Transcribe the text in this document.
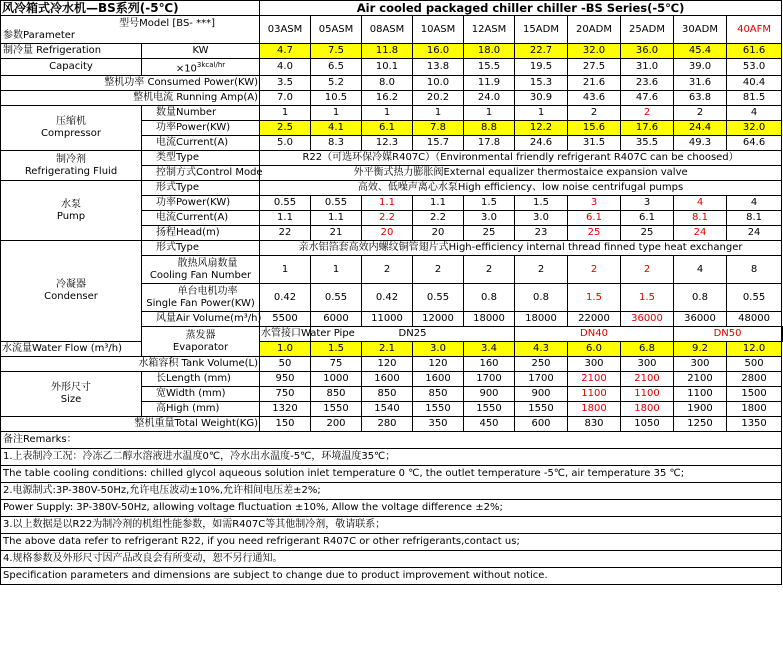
风冷箱式冷水机—BS系列(-5℃)		Air cooled packaged chiller chiller -BS Series(-5℃)										

型号Model [BS- ***]
参数Parameter		03ASM	05ASM	08ASM	10ASM	12ASM	15ADM	20ADM	25ADM	30ADM	40AFM	
制冷量 Refrigeration	KW	4.7	7.5	11.8	16.0	18.0	22.7	32.0	36.0	45.4	61.6	
Capacity	$\times 10^{3kcal/hr}$	4.0	6.5	10.1	13.8	15.5	19.5	27.5	31.0	39.0	53.0	
整机功率 Consumed Power(KW)		3.5	5.2	8.0	10.0	11.9	15.3	21.6	23.6	31.6	40.4	
整机电流 Running Amp(A)		7.0	10.5	16.2	20.2	24.0	30.9	43.6	47.6	63.8	81.5	

压缩机
Compressor	数量Number	1	1	1	1	1	1	2	2	2	4	
	功率Power(KW)	2.5	4.1	6.1	7.8	8.8	12.2	15.6	17.6	24.4	32.0	
	电流Current(A)	5.0	8.3	12.3	15.7	17.8	24.6	31.5	35.5	49.3	64.6	

制冷剂
Refrigerating Fluid	类型Type	R22（可选环保冷媒R407C）（Environmental friendly refrigerant R407C can be choosed）										
	控制方式Control Mode	外平衡式热力膨胀阀External equalizer thermostaice expansion valve										

水泵
Pump	形式Type	高效、低噪声离心水泵High efficiency、low noise centrifugal pumps										
	功率Power(KW)	0.55	0.55	1.1	1.1	1.5	1.5	3	3	4	4	
	电流Current(A)	1.1	1.1	2.2	2.2	3.0	3.0	6.1	6.1	8.1	8.1	
	扬程Head(m)	22	21	20	20	25	23	25	25	24	24	

冷凝器
Condenser	形式Type	亲水铝箔套高效内螺纹铜管翅片式High-efficiency internal thread finned type heat exchanger										

	散热风扇数量
Cooling Fan Number	1	1	2	2	2	2	2	2	4	8	

	单台电机功率
Single Fan Power(KW)	0.42	0.55	0.42	0.55	0.8	0.8	1.5	1.5	0.8	0.55	
	风量Air Volume(m³/h)	5500	6000	11000	12000	18000	18000	22000	36000	36000	48000	

	蒸发器
Evaporator	水管接口Water Pipe	DN25				DN40			DN50	
水流量Water Flow (m³/h)		1.0	1.5	2.1	3.0	3.4	4.3	6.0	6.8	9.2	12.0	
水箱容积 Tank Volume(L)		50	75	120	120	160	250	300	300	300	500	

外形尺寸
Size	长Length (mm)	950	1000	1600	1600	1700	1700	2100	2100	2100	2800	
	宽Width (mm)	750	850	850	850	900	900	1100	1100	1100	1500	
	高High (mm)	1320	1550	1540	1550	1550	1550	1800	1800	1900	1800	
整机重量Total Weight(KG)		150	200	280	350	450	600	830	1050	1250	1350	
备注Remarks：												
1.上表制冷工况：冷冻乙二醇水溶液进水温度0℃，冷水出水温度-5℃，环境温度35℃；												
The table cooling conditions: chilled glycol aqueous solution inlet temperature 0 ℃, the outlet temperature -5℃, air temperature 35 ℃;												
2.电源制式:3P-380V-50Hz,允许电压波动±10%,允许相间电压差±2%;												
Power Supply: 3P-380V-50Hz, allowing voltage fluctuation ±10%, Allow the voltage difference ±2%;												
3.以上数据是以R22为制冷剂的机组性能参数，如需R407C等其他制冷剂，敬请联系；												
The above data refer to refrigerant R22, if you need refrigerant R407C or other refrigerants,contact us;												
4.规格参数及外形尺寸因产品改良会有所变动，恕不另行通知。												
Specification parameters and dimensions are subject to change due to product improvement without notice.												
